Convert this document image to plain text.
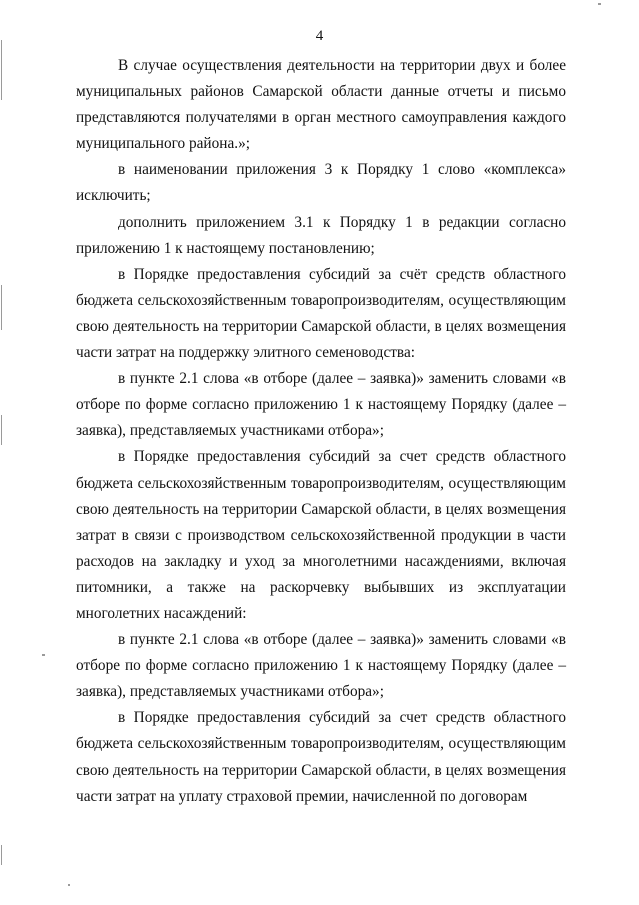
4

В случае осуществления деятельности на территории двух и более муниципальных районов Самарской области данные отчеты и письмо представляются получателями в орган местного самоуправления каждого муниципального района.»;

в наименовании приложения 3 к Порядку 1 слово «комплекса» исключить;

дополнить приложением 3.1 к Порядку 1 в редакции согласно приложению 1 к настоящему постановлению;

в Порядке предоставления субсидий за счёт средств областного бюджета сельскохозяйственным товаропроизводителям, осуществляющим свою деятельность на территории Самарской области, в целях возмещения части затрат на поддержку элитного семеноводства:

в пункте 2.1 слова «в отборе (далее – заявка)» заменить словами «в отборе по форме согласно приложению 1 к настоящему Порядку (далее – заявка), представляемых участниками отбора»;

в Порядке предоставления субсидий за счет средств областного бюджета сельскохозяйственным товаропроизводителям, осуществляющим свою деятельность на территории Самарской области, в целях возмещения затрат в связи с производством сельскохозяйственной продукции в части расходов на закладку и уход за многолетними насаждениями, включая питомники, а также на раскорчевку выбывших из эксплуатации многолетних насаждений:

в пункте 2.1 слова «в отборе (далее – заявка)» заменить словами «в отборе по форме согласно приложению 1 к настоящему Порядку (далее – заявка), представляемых участниками отбора»;

в Порядке предоставления субсидий за счет средств областного бюджета сельскохозяйственным товаропроизводителям, осуществляющим свою деятельность на территории Самарской области, в целях возмещения части затрат на уплату страховой премии, начисленной по договорам
